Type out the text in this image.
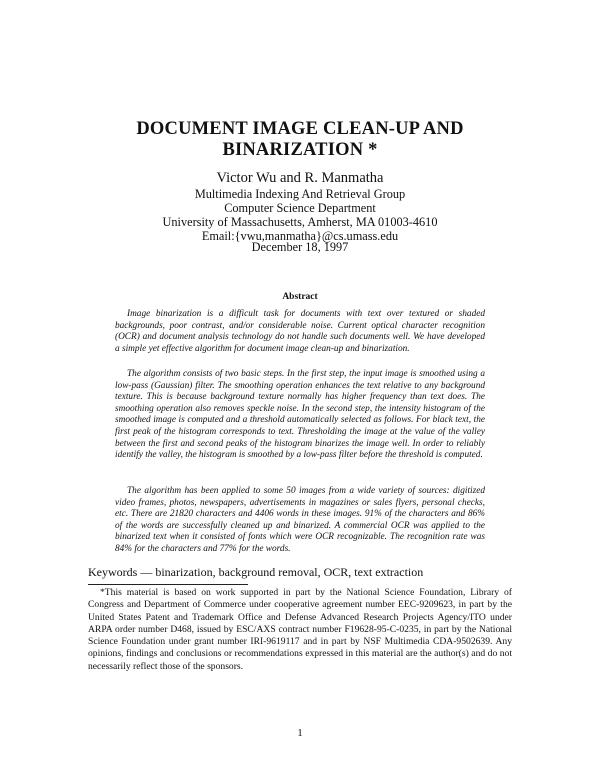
DOCUMENT IMAGE CLEAN-UP AND
BINARIZATION *
Victor Wu and R. Manmatha
Multimedia Indexing And Retrieval Group
Computer Science Department
University of Massachusetts, Amherst, MA 01003-4610
Email:{vwu,manmatha}@cs.umass.edu
December 18, 1997
Abstract

Image binarization is a difficult task for documents with text over textured or shaded backgrounds, poor contrast, and/or considerable noise. Current optical character recognition (OCR) and document analysis technology do not handle such documents well. We have developed a simple yet effective algorithm for document image clean-up and binarization.

The algorithm consists of two basic steps. In the first step, the input image is smoothed using a low-pass (Gaussian) filter. The smoothing operation enhances the text relative to any background texture. This is because background texture normally has higher frequency than text does. The smoothing operation also removes speckle noise. In the second step, the intensity histogram of the smoothed image is computed and a threshold automatically selected as follows. For black text, the first peak of the histogram corresponds to text. Thresholding the image at the value of the valley between the first and second peaks of the histogram binarizes the image well. In order to reliably identify the valley, the histogram is smoothed by a low-pass filter before the threshold is computed.

The algorithm has been applied to some 50 images from a wide variety of sources: digitized video frames, photos, newspapers, advertisements in magazines or sales flyers, personal checks, etc. There are 21820 characters and 4406 words in these images. 91% of the characters and 86% of the words are successfully cleaned up and binarized. A commercial OCR was applied to the binarized text when it consisted of fonts which were OCR recognizable. The recognition rate was 84% for the characters and 77% for the words.

Keywords — binarization, background removal, OCR, text extraction

*This material is based on work supported in part by the National Science Foundation, Library of Congress and Department of Commerce under cooperative agreement number EEC-9209623, in part by the United States Patent and Trademark Office and Defense Advanced Research Projects Agency/ITO under ARPA order number D468, issued by ESC/AXS contract number F19628-95-C-0235, in part by the National Science Foundation under grant number IRI-9619117 and in part by NSF Multimedia CDA-9502639. Any opinions, findings and conclusions or recommendations expressed in this material are the author(s) and do not necessarily reflect those of the sponsors.

1
